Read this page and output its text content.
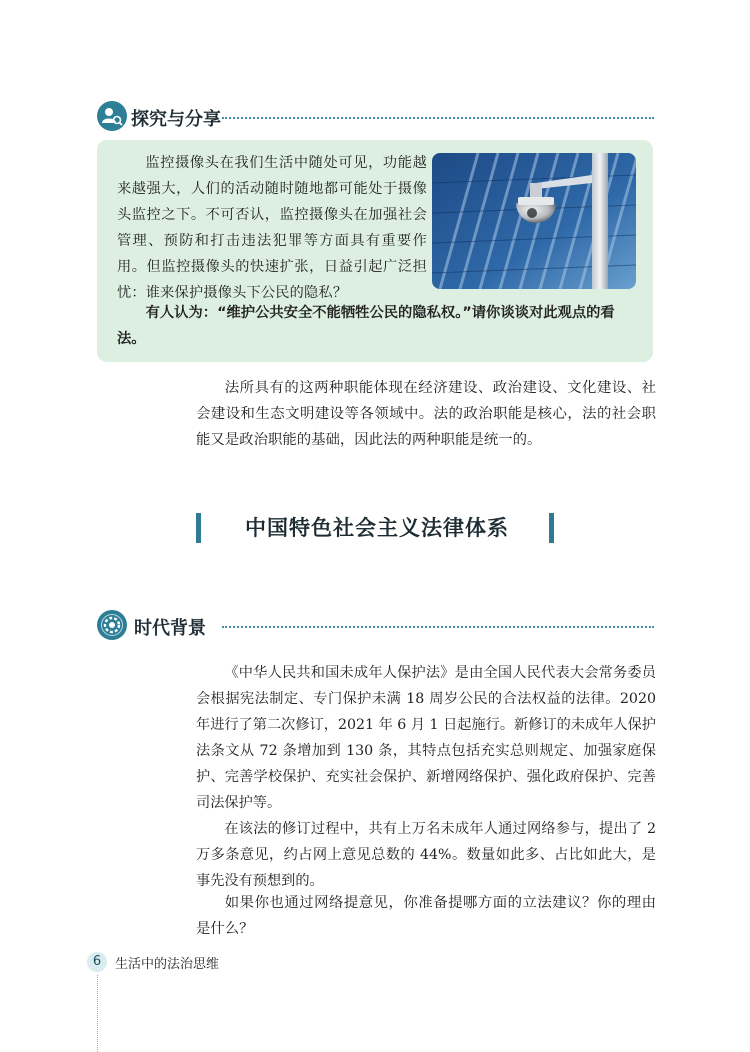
探究与分享

监控摄像头在我们生活中随处可见，功能越来越强大，人们的活动随时随地都可能处于摄像头监控之下。不可否认，监控摄像头在加强社会管理、预防和打击违法犯罪等方面具有重要作用。但监控摄像头的快速扩张，日益引起广泛担忧：谁来保护摄像头下公民的隐私？

有人认为：“维护公共安全不能牺牲公民的隐私权。”请你谈谈对此观点的看法。

法所具有的这两种职能体现在经济建设、政治建设、文化建设、社会建设和生态文明建设等各领域中。法的政治职能是核心，法的社会职能又是政治职能的基础，因此法的两种职能是统一的。

中国特色社会主义法律体系
时代背景

《中华人民共和国未成年人保护法》是由全国人民代表大会常务委员会根据宪法制定、专门保护未满 18 周岁公民的合法权益的法律。2020 年进行了第二次修订，2021 年 6 月 1 日起施行。新修订的未成年人保护法条文从 72 条增加到 130 条，其特点包括充实总则规定、加强家庭保护、完善学校保护、充实社会保护、新增网络保护、强化政府保护、完善司法保护等。

在该法的修订过程中，共有上万名未成年人通过网络参与，提出了 2 万多条意见，约占网上意见总数的 44%。数量如此多、占比如此大，是事先没有预想到的。

如果你也通过网络提意见，你准备提哪方面的立法建议？你的理由是什么？

6	生活中的法治思维
